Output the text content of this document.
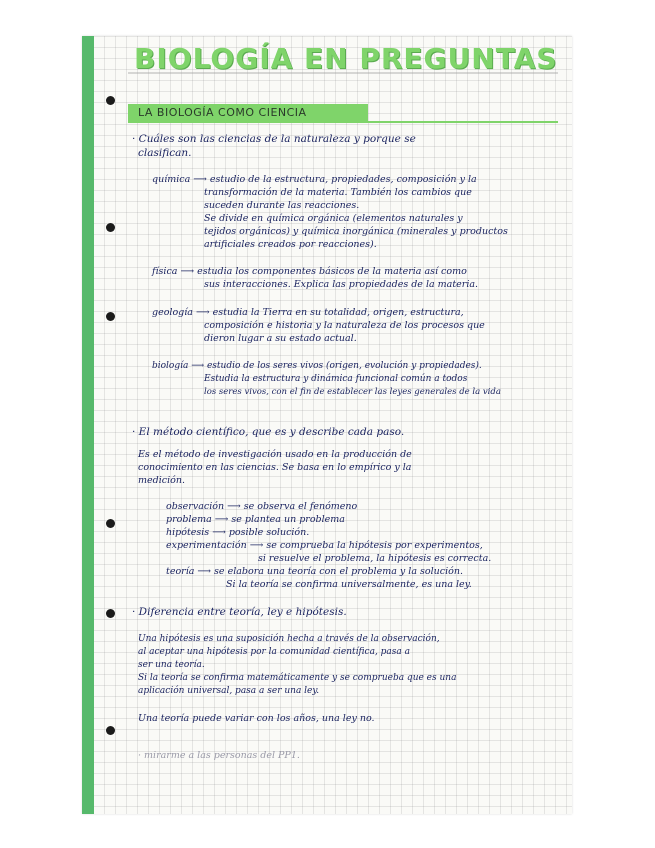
BIOLOGÍA EN PREGUNTAS

LA BIOLOGÍA COMO CIENCIA

· Cuáles son las ciencias de la naturaleza y porque se

clasifican.

química ⟶ estudio de la estructura, propiedades, composición y la

transformación de la materia. También los cambios que

suceden durante las reacciones.

Se divide en química orgánica (elementos naturales y

tejidos orgánicos) y química inorgánica (minerales y productos

artificiales creados por reacciones).

física ⟶ estudia los componentes básicos de la materia así como

sus interacciones. Explica las propiedades de la materia.

geología ⟶ estudia la Tierra en su totalidad, origen, estructura,

composición e historia y la naturaleza de los procesos que

dieron lugar a su estado actual.

biología ⟶ estudio de los seres vivos (origen, evolución y propiedades).

Estudia la estructura y dinámica funcional común a todos

los seres vivos, con el fin de establecer las leyes generales de la vida

· El método científico, que es y describe cada paso.

Es el método de investigación usado en la producción de

conocimiento en las ciencias. Se basa en lo empírico y la

medición.

observación ⟶ se observa el fenómeno

problema ⟶ se plantea un problema

hipótesis ⟶ posible solución.

experimentación ⟶ se comprueba la hipótesis por experimentos,

si resuelve el problema, la hipótesis es correcta.

teoría ⟶ se elabora una teoría con el problema y la solución.

Si la teoría se confirma universalmente, es una ley.

· Diferencia entre teoría, ley e hipótesis.

Una hipótesis es una suposición hecha a través de la observación,

al aceptar una hipótesis por la comunidad científica, pasa a

ser una teoría.

Si la teoría se confirma matemáticamente y se comprueba que es una

aplicación universal, pasa a ser una ley.

Una teoría puede variar con los años, una ley no.

· mirarme a las personas del PP1.
